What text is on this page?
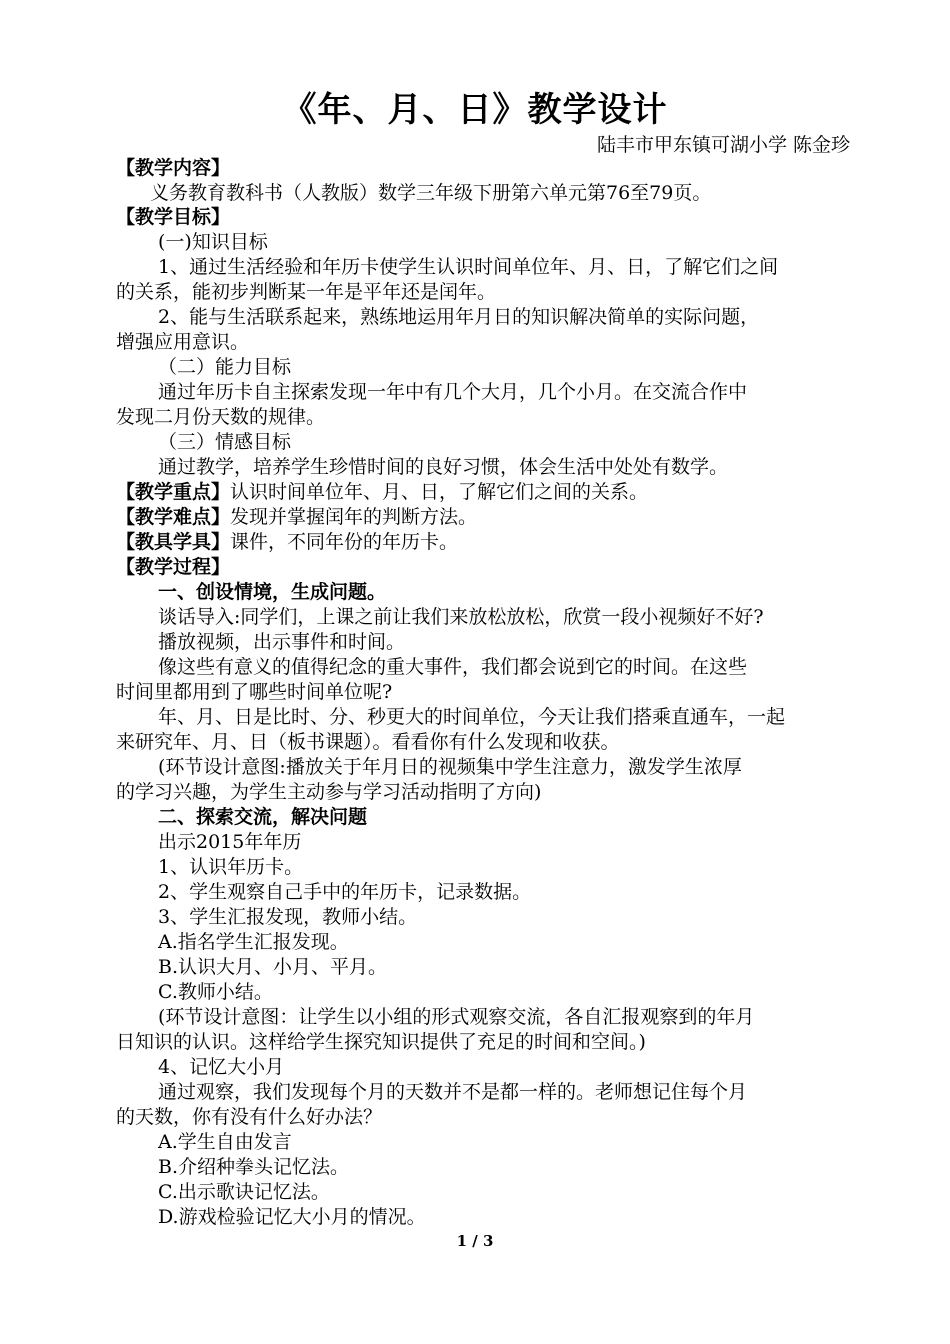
《年、月、日》教学设计
陆丰市甲东镇可湖小学 陈金珍
【教学内容】
义务教育教科书（人教版）数学三年级下册第六单元第76至79页。
【教学目标】
(一)知识目标
1、通过生活经验和年历卡使学生认识时间单位年、月、日，了解它们之间
的关系，能初步判断某一年是平年还是闰年。
2、能与生活联系起来，熟练地运用年月日的知识解决简单的实际问题，
增强应用意识。
（二）能力目标
通过年历卡自主探索发现一年中有几个大月，几个小月。在交流合作中
发现二月份天数的规律。
（三）情感目标
通过教学，培养学生珍惜时间的良好习惯，体会生活中处处有数学。
【教学重点】认识时间单位年、月、日，了解它们之间的关系。
【教学难点】发现并掌握闰年的判断方法。
【教具学具】课件，不同年份的年历卡。
【教学过程】
一、创设情境，生成问题。
谈话导入:同学们，上课之前让我们来放松放松，欣赏一段小视频好不好?
播放视频，出示事件和时间。
像这些有意义的值得纪念的重大事件，我们都会说到它的时间。在这些
时间里都用到了哪些时间单位呢?
年、月、日是比时、分、秒更大的时间单位，今天让我们搭乘直通车，一起
来研究年、月、日（板书课题）。看看你有什么发现和收获。
(环节设计意图:播放关于年月日的视频集中学生注意力，激发学生浓厚
的学习兴趣，为学生主动参与学习活动指明了方向)
二、探索交流，解决问题
出示2015年年历
1、认识年历卡。
2、学生观察自己手中的年历卡，记录数据。
3、学生汇报发现，教师小结。
A.指名学生汇报发现。
B.认识大月、小月、平月。
C.教师小结。
(环节设计意图：让学生以小组的形式观察交流，各自汇报观察到的年月
日知识的认识。这样给学生探究知识提供了充足的时间和空间。)
4、记忆大小月
通过观察，我们发现每个月的天数并不是都一样的。老师想记住每个月
的天数，你有没有什么好办法？
A.学生自由发言
B.介绍种拳头记忆法。
C.出示歌诀记忆法。
D.游戏检验记忆大小月的情况。
1 / 3
